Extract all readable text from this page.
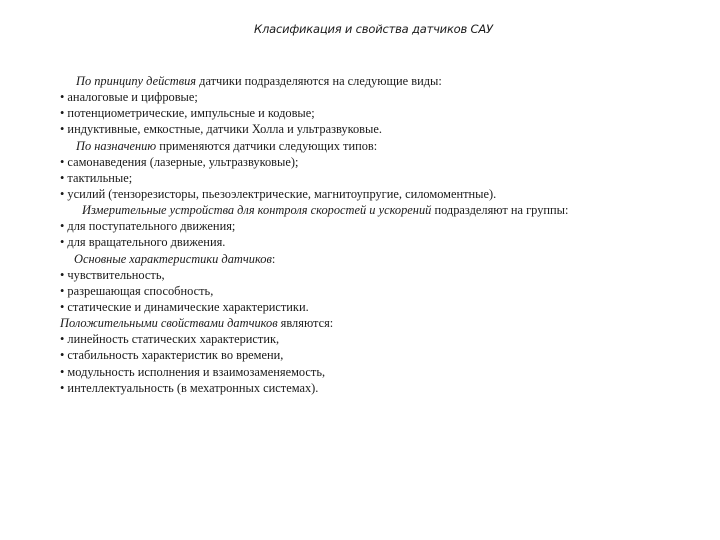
Класификация и свойства датчиков САУ
По принципу действия датчики подразделяются на следующие виды:
• аналоговые и цифровые;
• потенциометрические, импульсные и кодовые;
• индуктивные, емкостные, датчики Холла и ультразвуковые.
По назначению применяются датчики следующих типов:
• самонаведения (лазерные, ультразвуковые);
• тактильные;
• усилий (тензорезисторы, пьезоэлектрические, магнитоупругие, силомоментные).
Измерительные устройства для контроля скоростей и ускорений подразделяют на группы:
• для поступательного движения;
• для вращательного движения.
Основные характеристики датчиков:
• чувствительность,
• разрешающая способность,
• статические и динамические характеристики.
Положительными свойствами датчиков являются:
• линейность статических характеристик,
• стабильность характеристик во времени,
• модульность исполнения и взаимозаменяемость,
• интеллектуальность (в мехатронных системах).
